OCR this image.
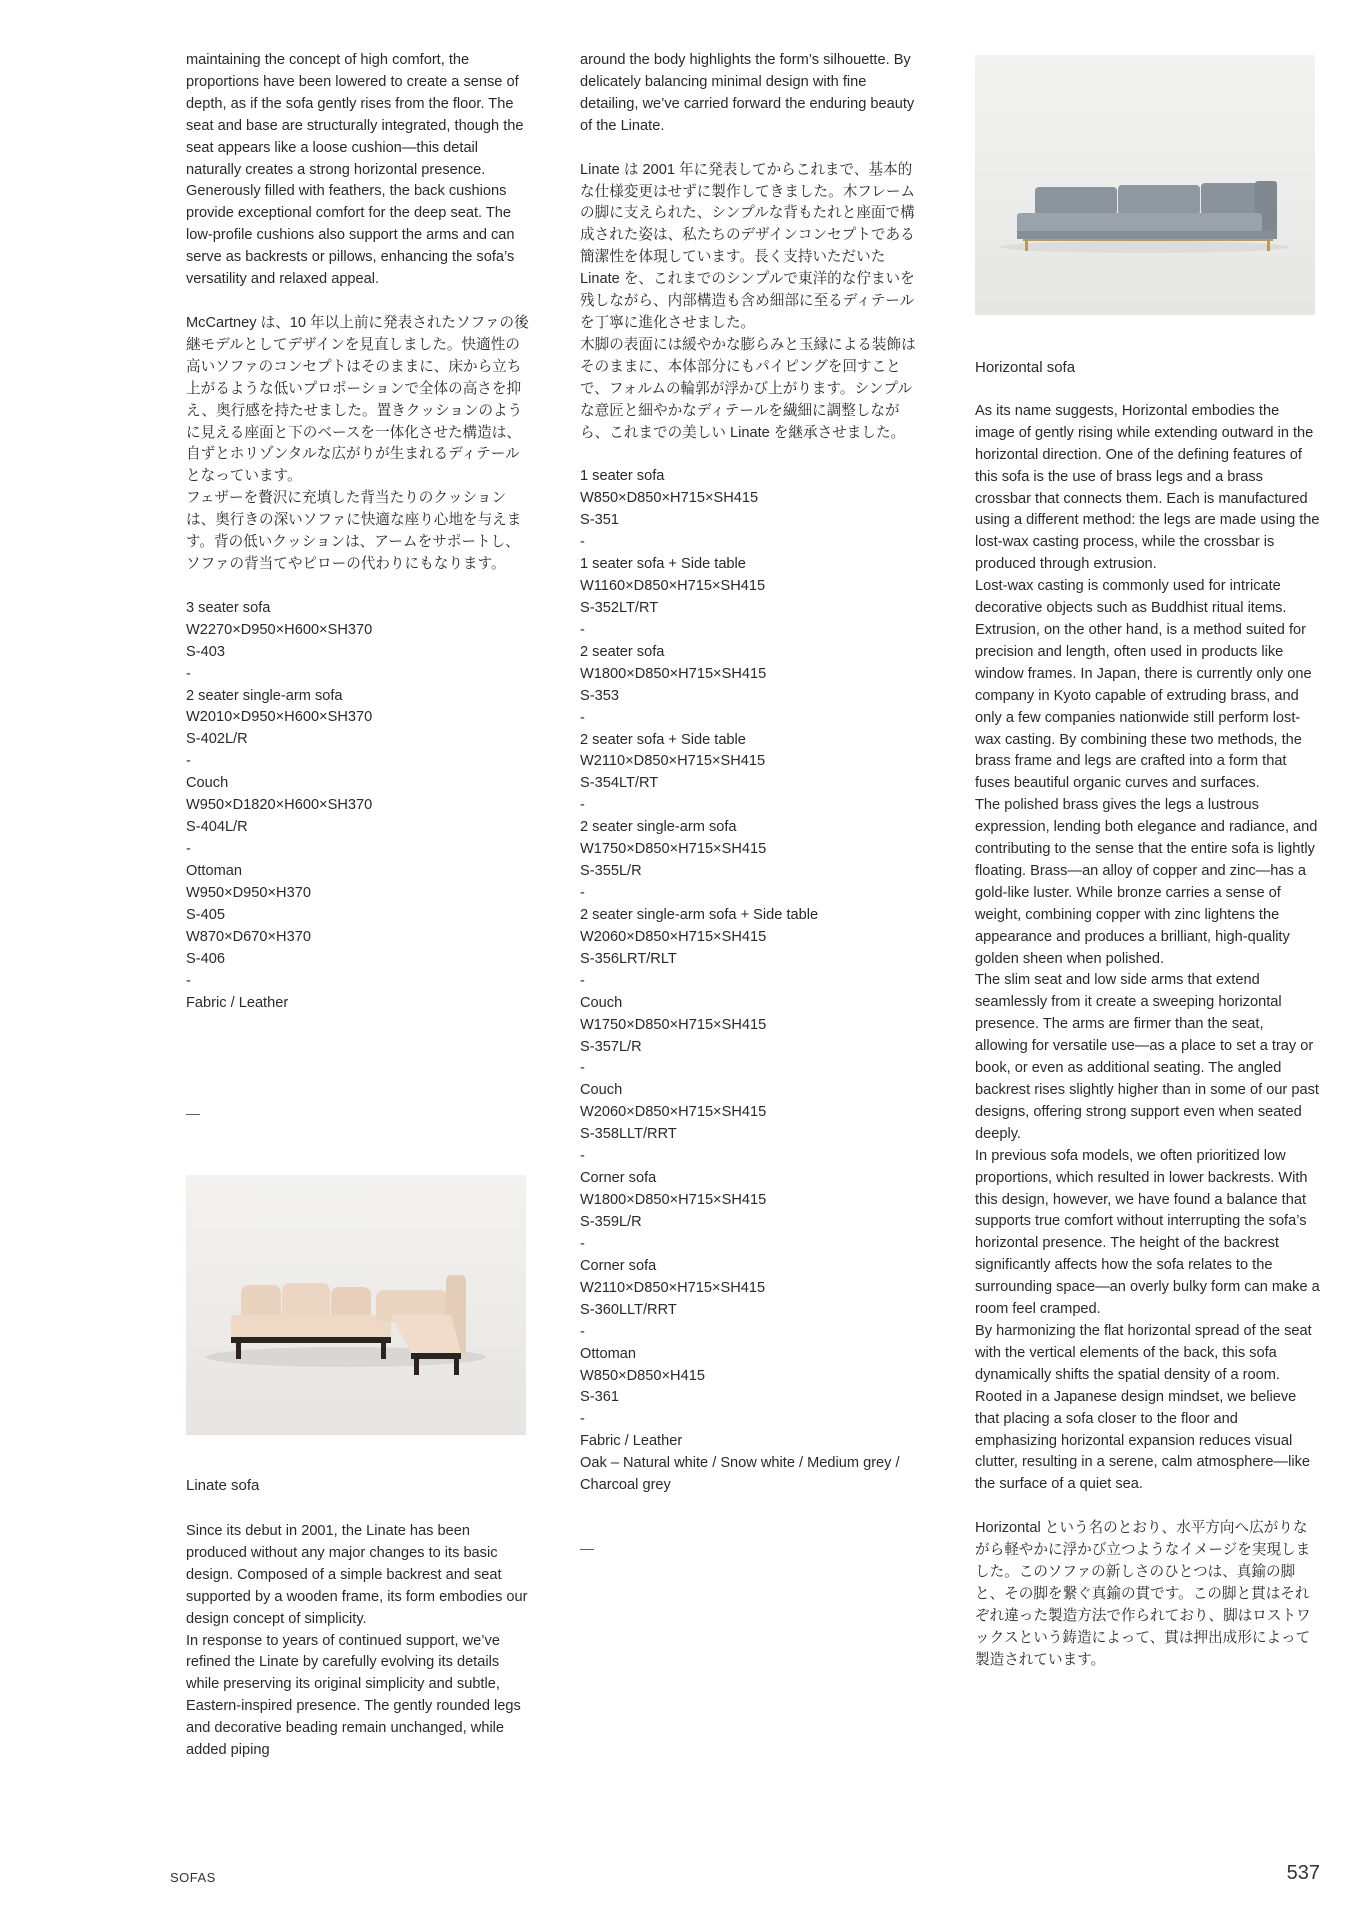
maintaining the concept of high comfort, the proportions have been lowered to create a sense of depth, as if the sofa gently rises from the floor. The seat and base are structurally integrated, though the seat appears like a loose cushion—this detail naturally creates a strong horizontal presence.

Generously filled with feathers, the back cushions provide exceptional comfort for the deep seat. The low-profile cushions also support the arms and can serve as backrests or pillows, enhancing the sofa’s versatility and relaxed appeal.

McCartney は、10 年以上前に発表されたソファの後継モデルとしてデザインを見直しました。快適性の高いソファのコンセプトはそのままに、床から立ち上がるような低いプロポーションで全体の高さを抑え、奥行感を持たせました。置きクッションのように見える座面と下のベースを一体化させた構造は、自ずとホリゾンタルな広がりが生まれるディテールとなっています。

フェザーを贅沢に充填した背当たりのクッションは、奥行きの深いソファに快適な座り心地を与えます。背の低いクッションは、アームをサポートし、ソファの背当てやピローの代わりにもなります。

3 seater sofa

W2270×D950×H600×SH370

S-403

-

2 seater single-arm sofa

W2010×D950×H600×SH370

S-402L/R

-

Couch

W950×D1820×H600×SH370

S-404L/R

-

Ottoman

W950×D950×H370

S-405

W870×D670×H370

S-406

-

Fabric / Leather

—
Linate sofa

Since its debut in 2001, the Linate has been produced without any major changes to its basic design. Composed of a simple backrest and seat supported by a wooden frame, its form embodies our design concept of simplicity.

In response to years of continued support, we’ve refined the Linate by carefully evolving its details while preserving its original simplicity and subtle, Eastern-inspired presence. The gently rounded legs and decorative beading remain unchanged, while added piping

around the body highlights the form’s silhouette. By delicately balancing minimal design with fine detailing, we’ve carried forward the enduring beauty of the Linate.

Linate は 2001 年に発表してからこれまで、基本的な仕様変更はせずに製作してきました。木フレームの脚に支えられた、シンプルな背もたれと座面で構成された姿は、私たちのデザインコンセプトである簡潔性を体現しています。長く支持いただいたLinate を、これまでのシンプルで東洋的な佇まいを残しながら、内部構造も含め細部に至るディテールを丁寧に進化させました。

木脚の表面には緩やかな膨らみと玉縁による装飾はそのままに、本体部分にもパイピングを回すことで、フォルムの輪郭が浮かび上がります。シンプルな意匠と細やかなディテールを繊細に調整しながら、これまでの美しい Linate を継承させました。

1 seater sofa

W850×D850×H715×SH415

S-351

-

1 seater sofa + Side table

W1160×D850×H715×SH415

S-352LT/RT

-

2 seater sofa

W1800×D850×H715×SH415

S-353

-

2 seater sofa + Side table

W2110×D850×H715×SH415

S-354LT/RT

-

2 seater single-arm sofa

W1750×D850×H715×SH415

S-355L/R

-

2 seater single-arm sofa + Side table

W2060×D850×H715×SH415

S-356LRT/RLT

-

Couch

W1750×D850×H715×SH415

S-357L/R

-

Couch

W2060×D850×H715×SH415

S-358LLT/RRT

-

Corner sofa

W1800×D850×H715×SH415

S-359L/R

-

Corner sofa

W2110×D850×H715×SH415

S-360LLT/RRT

-

Ottoman

W850×D850×H415

S-361

-

Fabric / Leather

Oak – Natural white / Snow white / Medium grey / Charcoal grey

—

Horizontal sofa

As its name suggests, Horizontal embodies the image of gently rising while extending outward in the horizontal direction. One of the defining features of this sofa is the use of brass legs and a brass crossbar that connects them. Each is manufactured using a different method: the legs are made using the lost-wax casting process, while the crossbar is produced through extrusion.

Lost-wax casting is commonly used for intricate decorative objects such as Buddhist ritual items. Extrusion, on the other hand, is a method suited for precision and length, often used in products like window frames. In Japan, there is currently only one company in Kyoto capable of extruding brass, and only a few companies nationwide still perform lost-wax casting. By combining these two methods, the brass frame and legs are crafted into a form that fuses beautiful organic curves and surfaces.

The polished brass gives the legs a lustrous expression, lending both elegance and radiance, and contributing to the sense that the entire sofa is lightly floating. Brass—an alloy of copper and zinc—has a gold-like luster. While bronze carries a sense of weight, combining copper with zinc lightens the appearance and produces a brilliant, high-quality golden sheen when polished.

The slim seat and low side arms that extend seamlessly from it create a sweeping horizontal presence. The arms are firmer than the seat, allowing for versatile use—as a place to set a tray or book, or even as additional seating. The angled backrest rises slightly higher than in some of our past designs, offering strong support even when seated deeply.

In previous sofa models, we often prioritized low proportions, which resulted in lower backrests. With this design, however, we have found a balance that supports true comfort without interrupting the sofa’s horizontal presence. The height of the backrest significantly affects how the sofa relates to the surrounding space—an overly bulky form can make a room feel cramped.

By harmonizing the flat horizontal spread of the seat with the vertical elements of the back, this sofa dynamically shifts the spatial density of a room. Rooted in a Japanese design mindset, we believe that placing a sofa closer to the floor and emphasizing horizontal expansion reduces visual clutter, resulting in a serene, calm atmosphere—like the surface of a quiet sea.

Horizontal という名のとおり、水平方向へ広がりながら軽やかに浮かび立つようなイメージを実現しました。このソファの新しさのひとつは、真鍮の脚と、その脚を繋ぐ真鍮の貫です。この脚と貫はそれぞれ違った製造方法で作られており、脚はロストワックスという鋳造によって、貫は押出成形によって製造されています。

SOFAS	537
